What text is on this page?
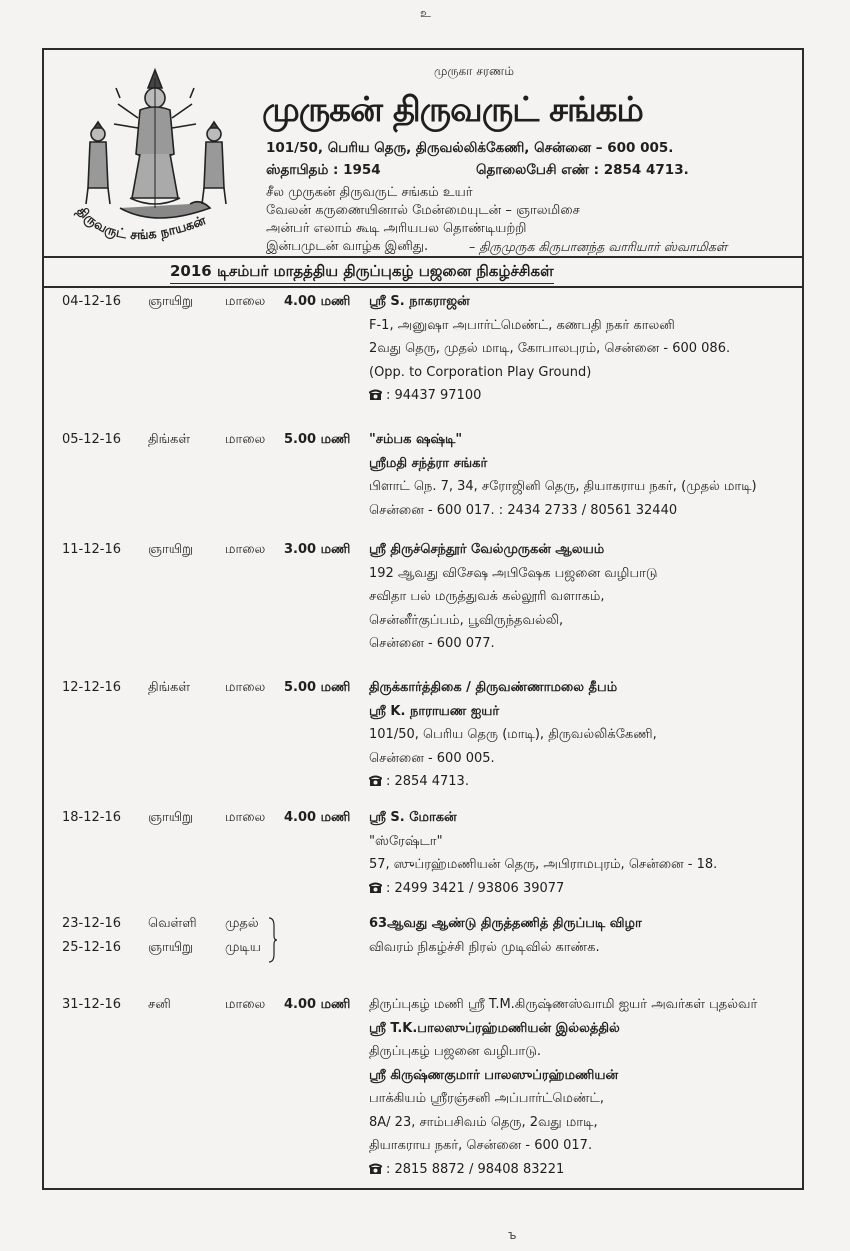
உ
திருவருட் சங்க நாயகன்
முருகா சரணம்
முருகன் திருவருட் சங்கம்
101/50, பெரிய தெரு, திருவல்லிக்கேணி, சென்னை – 600 005.
ஸ்தாபிதம் : 1954	தொலைபேசி எண் : 2854 4713.
சீல முருகன் திருவருட் சங்கம் உயர்
வேலன் கருணையினால் மேன்மையுடன் – ஞாலமிசை
அன்பர் எலாம் கூடி அரியபல தொண்டியற்றி
இன்பமுடன் வாழ்க இனிது.	– திருமுருக கிருபானந்த வாரியார் ஸ்வாமிகள்
2016 டிசம்பர் மாதத்திய திருப்புகழ் பஜனை நிகழ்ச்சிகள்
04-12-16 ஞாயிறு மாலை 4.00 மணி ஸ்ரீ S. நாகராஜன்
F-1, அனுஷா அபார்ட்மெண்ட், கணபதி நகர் காலனி
2வது தெரு, முதல் மாடி, கோபாலபுரம், சென்னை - 600 086.
(Opp. to Corporation Play Ground)
: 94437 97100
05-12-16 திங்கள்	மாலை 5.00 மணி "சம்பக ஷஷ்டி"
ஸ்ரீமதி சந்த்ரா சங்கர்
பிளாட் நெ. 7, 34, சரோஜினி தெரு, தியாகராய நகர், (முதல் மாடி)
சென்னை - 600 017. : 2434 2733 / 80561 32440
11-12-16 ஞாயிறு மாலை 3.00 மணி ஸ்ரீ திருச்செந்தூர் வேல்முருகன் ஆலயம்
192 ஆவது விசேஷ அபிஷேக பஜனை வழிபாடு
சவிதா பல் மருத்துவக் கல்லூரி வளாகம்,
சென்னீர்குப்பம், பூவிருந்தவல்லி,
சென்னை - 600 077.
12-12-16 திங்கள்	மாலை 5.00 மணி திருக்கார்த்திகை / திருவண்ணாமலை தீபம்
ஸ்ரீ K. நாராயண ஐயர்
101/50, பெரிய தெரு (மாடி), திருவல்லிக்கேணி,
சென்னை - 600 005.
: 2854 4713.
18-12-16 ஞாயிறு மாலை 4.00 மணி ஸ்ரீ S. மோகன்
"ஸ்ரேஷ்டா"
57, ஸுப்ரஹ்மணியன் தெரு, அபிராமபுரம், சென்னை - 18.
: 2499 3421 / 93806 39077
23-12-16 வெள்ளி முதல்
25-12-16 ஞாயிறு முடிய
63ஆவது ஆண்டு திருத்தணித் திருப்படி விழா
விவரம் நிகழ்ச்சி நிரல் முடிவில் காண்க.
31-12-16 சனி	மாலை 4.00 மணி திருப்புகழ் மணி ஸ்ரீ T.M.கிருஷ்ணஸ்வாமி ஐயர் அவர்கள் புதல்வர்
ஸ்ரீ T.K.பாலஸுப்ரஹ்மணியன் இல்லத்தில்
திருப்புகழ் பஜனை வழிபாடு.
ஸ்ரீ கிருஷ்ணகுமார் பாலஸுப்ரஹ்மணியன்
பாக்கியம் ஸ்ரீரஞ்சனி அப்பார்ட்மெண்ட்,
8A/ 23, சாம்பசிவம் தெரு, 2வது மாடி,
தியாகராய நகர், சென்னை - 600 017.
: 2815 8872 / 98408 83221
ъ
